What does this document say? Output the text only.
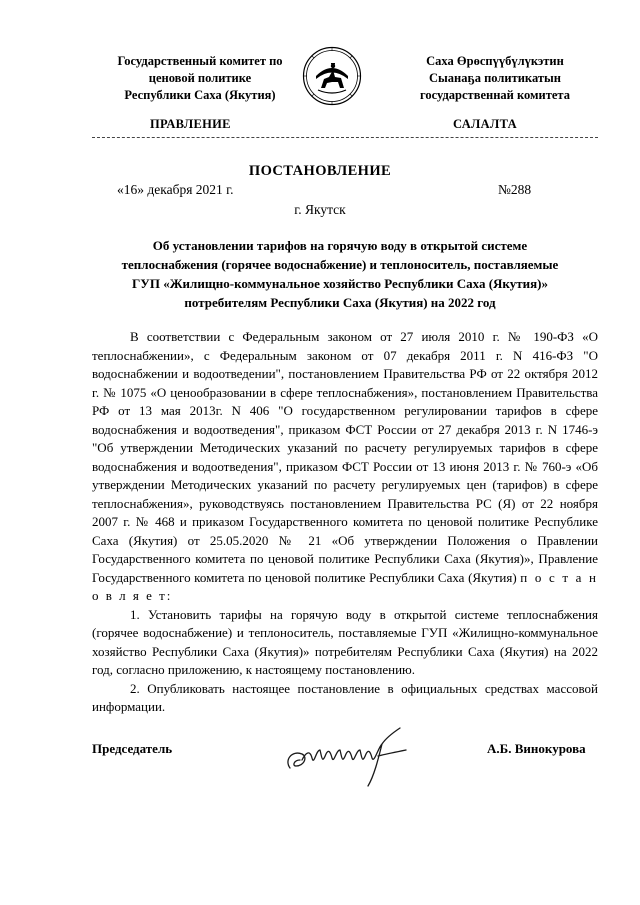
Государственный комитет по
ценовой политике
Республики Саха (Якутия)
Саха Өрөспүүбүлүкэтин
Сыанаҕа политикатын
государственнай комитета
ПРАВЛЕНИЕ	САЛАЛТА
ПОСТАНОВЛЕНИЕ
«16» декабря 2021 г.	№288
г. Якутск
Об установлении тарифов на горячую воду в открытой системе
теплоснабжения (горячее водоснабжение) и теплоноситель, поставляемые
ГУП «Жилищно-коммунальное хозяйство Республики Саха (Якутия)»
потребителям Республики Саха (Якутия) на 2022 год

В соответствии с Федеральным законом от 27 июля 2010 г. № 190-ФЗ «О теплоснабжении», с Федеральным законом от 07 декабря 2011 г. N 416-ФЗ "О водоснабжении и водоотведении", постановлением Правительства РФ от 22 октября 2012 г. № 1075 «О ценообразовании в сфере теплоснабжения», постановлением Правительства РФ от 13 мая 2013г. N 406 "О государственном регулировании тарифов в сфере водоснабжения и водоотведения", приказом ФСТ России от 27 декабря 2013 г. N 1746-э "Об утверждении Методических указаний по расчету регулируемых тарифов в сфере водоснабжения и водоотведения", приказом ФСТ России от 13 июня 2013 г. № 760-э «Об утверждении Методических указаний по расчету регулируемых цен (тарифов) в сфере теплоснабжения», руководствуясь постановлением Правительства РС (Я) от 22 ноября 2007 г. № 468 и приказом Государственного комитета по ценовой политике Республике Саха (Якутия) от 25.05.2020 № 21 «Об утверждении Положения о Правлении Государственного комитета по ценовой политике Республики Саха (Якутия)», Правление Государственного комитета по ценовой политике Республики Саха (Якутия) п о с т а н о в л я е т:

1. Установить тарифы на горячую воду в открытой системе теплоснабжения (горячее водоснабжение) и теплоноситель, поставляемые ГУП «Жилищно-коммунальное хозяйство Республики Саха (Якутия)» потребителям Республики Саха (Якутия) на 2022 год, согласно приложению, к настоящему постановлению.

2. Опубликовать настоящее постановление в официальных средствах массовой информации.

Председатель	А.Б. Винокурова
